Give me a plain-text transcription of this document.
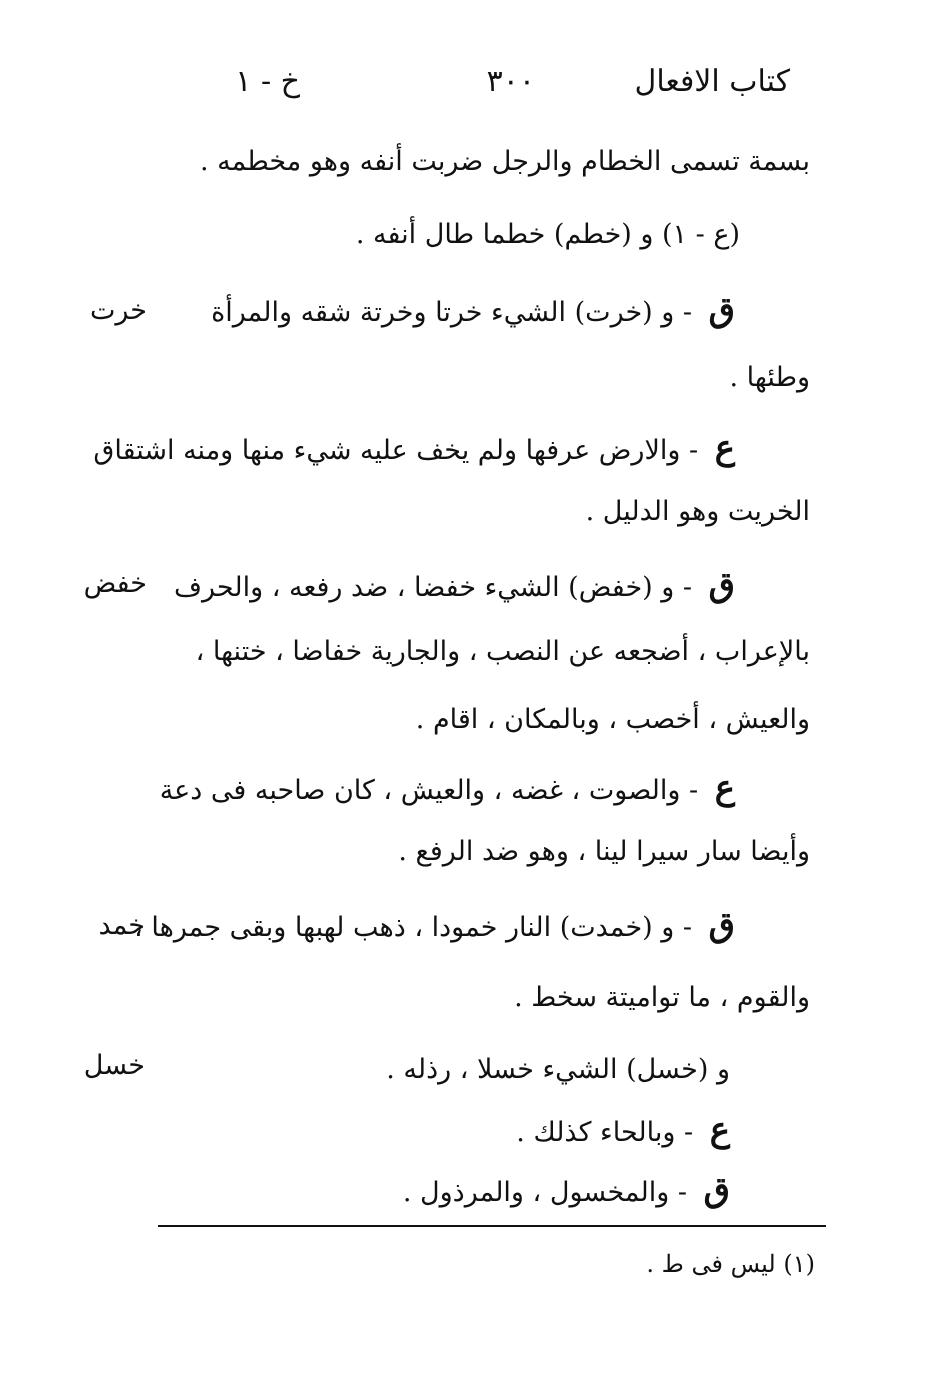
كتاب الافعال
٣٠٠
خ - ١
بسمة تسمى الخطام والرجل ضربت أنفه وهو مخطمه .
(ع - ١) و (خطم) خطما طال أنفه .
ق - و (خرت) الشيء خرتا وخرتة شقه والمرأة
وطئها .
ع - والارض عرفها ولم يخف عليه شيء منها ومنه اشتقاق
الخريت وهو الدليل .
ق - و (خفض) الشيء خفضا ، ضد رفعه ، والحرف
بالإعراب ، أضجعه عن النصب ، والجارية خفاضا ، ختنها ،
والعيش ، أخصب ، وبالمكان ، اقام .
ع - والصوت ، غضه ، والعيش ، كان صاحبه فى دعة
وأيضا سار سيرا لينا ، وهو ضد الرفع .
ق - و (خمدت) النار خمودا ، ذهب لهبها وبقى جمرها ،
والقوم ، ما تواميتة سخط .
و (خسل) الشيء خسلا ، رذله .
ع - وبالحاء كذلك .
ق - والمخسول ، والمرذول .
خرت
خفض
خمد
خسل
(١) ليس فى ط .
